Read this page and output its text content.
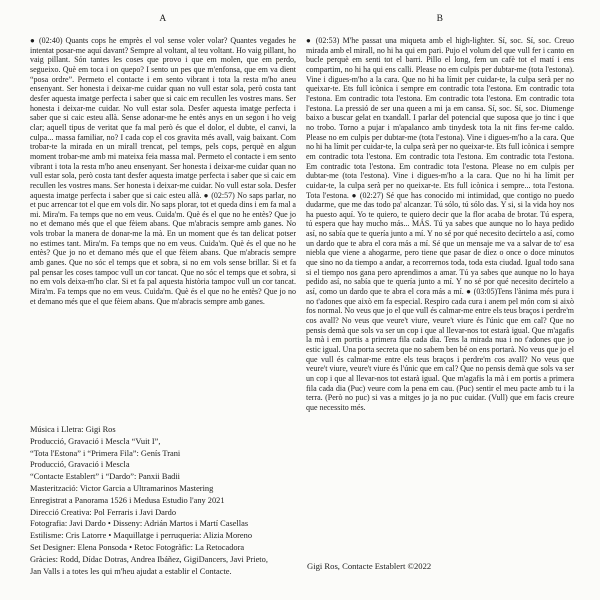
A

● (02:40) Quants cops he emprès el vol sense voler volar? Quantes vegades he intentat posar-me aquí davant? Sempre al voltant, al teu voltant. Ho vaig pillant, ho vaig pillant. Són tantes les coses que provo i que em molen, que em perdo, segueixo. Què em toca i on quepo? I sento un pes que m'enfonsa, que em va dient “posa ordre”. Permeto el contacte i em sento vibrant i tota la resta m'ho aneu ensenyant. Ser honesta i deixar-me cuidar quan no vull estar sola, però costa tant desfer aquesta imatge perfecta i saber que si caic em recullen les vostres mans. Ser honesta i deixar-me cuidar. No vull estar sola. Desfer aquesta imatge perfecta i saber que si caic esteu allà. Sense adonar-me he entès anys en un segon i ho veig clar; aquell tipus de veritat que fa mal però és que el dolor, el dubte, el canvi, la culpa... massa familiar, no? I cada cop el cos gravita més avall, vaig baixant. Com trobar-te la mirada en un mirall trencat, pel temps, pels cops, perquè en algun moment trobar-me amb mi mateixa feia massa mal. Permeto el contacte i em sento vibrant i tota la resta m'ho aneu ensenyant. Ser honesta i deixar-me cuidar quan no vull estar sola, però costa tant desfer aquesta imatge perfecta i saber que si caic em recullen les vostres mans. Ser honesta i deixar-me cuidar. No vull estar sola. Desfer aquesta imatge perfecta i saber que si caic esteu allà. ● (02:57) No saps parlar, no et puc arrencar tot el que em vols dir. No saps plorar, tot et queda dins i em fa mal a mi. Mira'm. Fa temps que no em veus. Cuida'm. Què és el que no he entès? Que jo no et demano més que el que fèiem abans. Que m'abracis sempre amb ganes. No vols trobar la manera de donar-me la mà. En un moment que és tan delicat potser no estimes tant. Mira'm. Fa temps que no em veus. Cuida'm. Què és el que no he entès? Que jo no et demano més que el que fèiem abans. Que m'abracis sempre amb ganes. Que no sóc el temps que et sobra, si no em vols sense brillar. Si et fa pal pensar les coses tampoc vull un cor tancat. Que no sóc el temps que et sobra, si no em vols deixa-m'ho clar. Si et fa pal aquesta història tampoc vull un cor tancat. Mira'm. Fa temps que no em veus. Cuida'm. Què és el que no he entès? Que jo no et demano més que el que fèiem abans. Que m'abracis sempre amb ganes.

B

● (02:53) M'he passat una miqueta amb el high-lighter. Sí, soc. Sí, soc. Creuo mirada amb el mirall, no hi ha qui em pari. Pujo el volum del que vull fer i canto en bucle perquè em senti tot el barri. Pillo el long, fem un cafè tot el matí i ens compartim, no hi ha qui ens calli. Please no em culpis per dubtar-me (tota l'estona). Vine i digues-m'ho a la cara. Que no hi ha límit per cuidar-te, la culpa serà per no queixar-te. Ets full icònica i sempre em contradic tota l'estona. Em contradic tota l'estona. Em contradic tota l'estona. Em contradic tota l'estona. Em contradic tota l'estona. La pressió de ser una queen a mi ja em cansa. Sí, soc. Sí, soc. Diumenge baixo a buscar gelat en txandall. I parlar del potencial que suposa que jo tinc i que no trobo. Torno a pujar i m'apalanco amb tinydesk tota la nit fins fer-me caldo. Please no em culpis per dubtar-me (tota l'estona). Vine i digues-m'ho a la cara. Que no hi ha límit per cuidar-te, la culpa serà per no queixar-te. Ets full icònica i sempre em contradic tota l'estona. Em contradic tota l'estona. Em contradic tota l'estona. Em contradic tota l'estona. Em contradic tota l'estona. Please no em culpis per dubtar-me (tota l'estona). Vine i digues-m'ho a la cara. Que no hi ha límit per cuidar-te, la culpa serà per no queixar-te. Ets full icònica i sempre... tota l'estona. Tota l'estona. ● (02:27) Sé que has conocido mi intimidad, que contigo no puedo dudarme, que me das todo pa' alcanzar. Tú sólo, tú sólo das. Y si, si la vida hoy nos ha puesto aquí. Yo te quiero, te quiero decir que la flor acaba de brotar. Tú espera, tú espera que hay mucho más... MÁS. Tú ya sabes que aunque no lo haya pedido así, no sabía que te quería junto a mí. Y no sé por qué necesito decírtelo a así, como un dardo que te abra el cora más a mí. Sé que un mensaje me va a salvar de to' esa niebla que viene a ahogarme, pero tiene que pasar de diez o once o doce minutos que sino no da tiempo a andar, a recorrernos toda, toda esta ciudad. Igual todo sana si el tiempo nos gana pero aprendimos a amar. Tú ya sabes que aunque no lo haya pedido así, no sabía que te quería junto a mí. Y no sé por qué necesito decírtelo a así, como un dardo que te abra el cora más a mí. ● (03:05)Tens l'ànima més pura i no t'adones que això em fa especial. Respiro cada cura i anem pel món com si això fos normal. No veus que jo el que vull és calmar-me entre els teus braços i perdre'm cos avall? No veus que veure't viure, veure't viure és l'únic que em cal? Que no pensis demà que sols va ser un cop i que al llevar-nos tot estarà igual. Que m'agafis la mà i em portis a primera fila cada dia. Tens la mirada nua i no t'adones que jo estic igual. Una porta secreta que no sabem ben bé on ens portarà. No veus que jo el que vull és calmar-me entre els teus braços i perdre'm cos avall? No veus que veure't viure, veure't viure és l'únic que em cal? Que no pensis demà que sols va ser un cop i que al llevar-nos tot estarà igual. Que m'agafis la mà i em portis a primera fila cada dia (Puc) veure com la pena em cau. (Puc) sentir el meu pacte amb tu i la terra. (Però no puc) si vas a mitges jo ja no puc cuidar. (Vull) que em facis creure que necessito més.

Música i Lletra: Gigi Ros
Producció, Gravació i Mescla “Vuit I”,
“Tota l'Estona” i “Primera Fila”: Genís Trani
Producció, Gravació i Mescla
“Contacte Establert” i “Dardo”: Panxii Badii
Masterització: Victor Garcia a Ultramarinos Mastering
Enregistrat a Panorama 1526 i Medusa Estudio l'any 2021
Direcció Creativa: Pol Ferraris i Javi Dardo
Fotografia: Javi Dardo • Disseny: Adrián Martos i Martí Casellas
Estilisme: Cris Latorre • Maquillatge i perruqueria: Alizia Moreno
Set Designer: Elena Ponsoda • Retoc Fotogràfic: La Retocadora
Gràcies: Rodd, Dídac Dotras, Andrea Ibáñez, GigiDancers, Javi Prieto,
Jan Valls i a totes les qui m'heu ajudat a establir el Contacte.
Gigi Ros, Contacte Establert ©2022
